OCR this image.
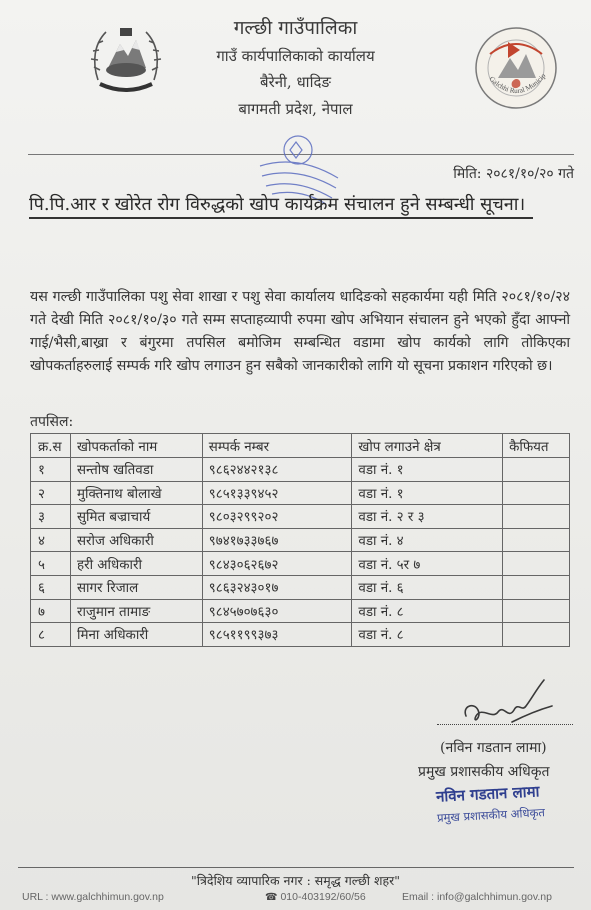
गल्छी गाउँपालिका
गाउँ कार्यपालिकाको कार्यालय
बैरेनी, धादिङ
बागमती प्रदेश, नेपाल
Galchhi Rural Municip
मिति: २०८१/१०/२० गते
पि.पि.आर र खोरेत रोग विरुद्धको खोप कार्यक्रम संचालन हुने सम्बन्धी सूचना।
यस गल्छी गाउँपालिका पशु सेवा शाखा र पशु सेवा कार्यालय धादिङको सहकार्यमा यही मिति २०८१/१०/२४ गते देखी मिति २०८१/१०/३० गते सम्म सप्ताहव्यापी रुपमा खोप अभियान संचालन हुने भएको हुँदा आफ्नो गाई/भैसी,बाख्रा र बंगुरमा तपसिल बमोजिम सम्बन्धित वडामा खोप कार्यको लागि तोकिएका खोपकर्ताहरुलाई सम्पर्क गरि खोप लगाउन हुन सबैको जानकारीको लागि यो सूचना प्रकाशन गरिएको छ।
तपसिल:
क्र.स	खोपकर्ताको नाम	सम्पर्क नम्बर	खोप लगाउने क्षेत्र	कैफियत
१	सन्तोष खतिवडा	९८६२४४२१३८	वडा नं. १	
२	मुक्तिनाथ बोलाखे	९८५१३३९४५२	वडा नं. १	
३	सुमित बज्राचार्य	९८०३२९९२०२	वडा नं. २ र ३	
४	सरोज अधिकारी	९७४१७३३७६७	वडा नं. ४	
५	हरी अधिकारी	९८४३०६२६७२	वडा नं. ५र ७	
६	सागर रिजाल	९८६३२४३०१७	वडा नं. ६	
७	राजुमान तामाङ	९८४५७०७६३०	वडा नं. ८	
८	मिना अधिकारी	९८५११९९३७३	वडा नं. ८	
(नविन गडतान लामा)
प्रमुख प्रशासकीय अधिकृत
नविन गडतान लामा
प्रमुख प्रशासकीय अधिकृत
"त्रिदेशिय व्यापारिक नगर : समृद्ध गल्छी शहर"
URL : www.galchhimun.gov.np	☎ 010-403192/60/56	Email : info@galchhimun.gov.np
